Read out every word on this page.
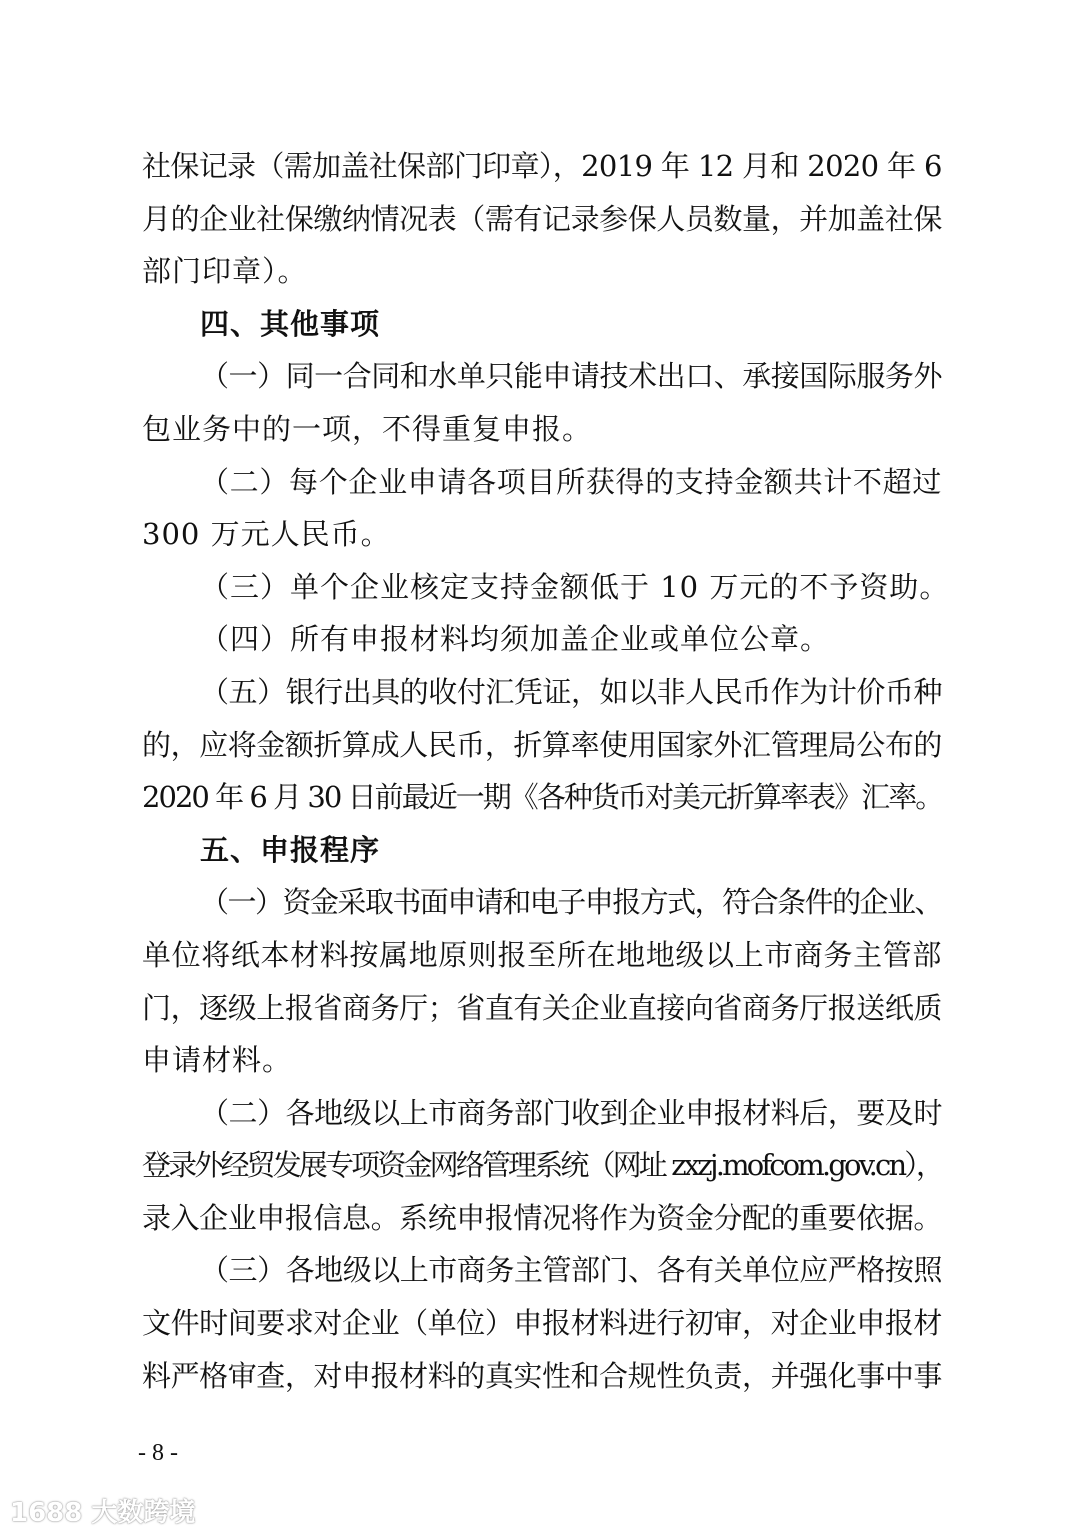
社保记录（需加盖社保部门印章），2019 年 12 月和 2020 年 6
月的企业社保缴纳情况表（需有记录参保人员数量，并加盖社保
部门印章）。
四、其他事项
（一）同一合同和水单只能申请技术出口、承接国际服务外
包业务中的一项，不得重复申报。
（二）每个企业申请各项目所获得的支持金额共计不超过
300 万元人民币。
（三）单个企业核定支持金额低于 10 万元的不予资助。
（四）所有申报材料均须加盖企业或单位公章。
（五）银行出具的收付汇凭证，如以非人民币作为计价币种
的，应将金额折算成人民币，折算率使用国家外汇管理局公布的
2020 年 6 月 30 日前最近一期《各种货币对美元折算率表》汇率。
五、申报程序
（一）资金采取书面申请和电子申报方式，符合条件的企业、
单位将纸本材料按属地原则报至所在地地级以上市商务主管部
门，逐级上报省商务厅；省直有关企业直接向省商务厅报送纸质
申请材料。
（二）各地级以上市商务部门收到企业申报材料后，要及时
登录外经贸发展专项资金网络管理系统（网址 zxzj.mofcom.gov.cn），
录入企业申报信息。系统申报情况将作为资金分配的重要依据。
（三）各地级以上市商务主管部门、各有关单位应严格按照
文件时间要求对企业（单位）申报材料进行初审，对企业申报材
料严格审查，对申报材料的真实性和合规性负责，并强化事中事
- 8 -
1688 大数跨境
